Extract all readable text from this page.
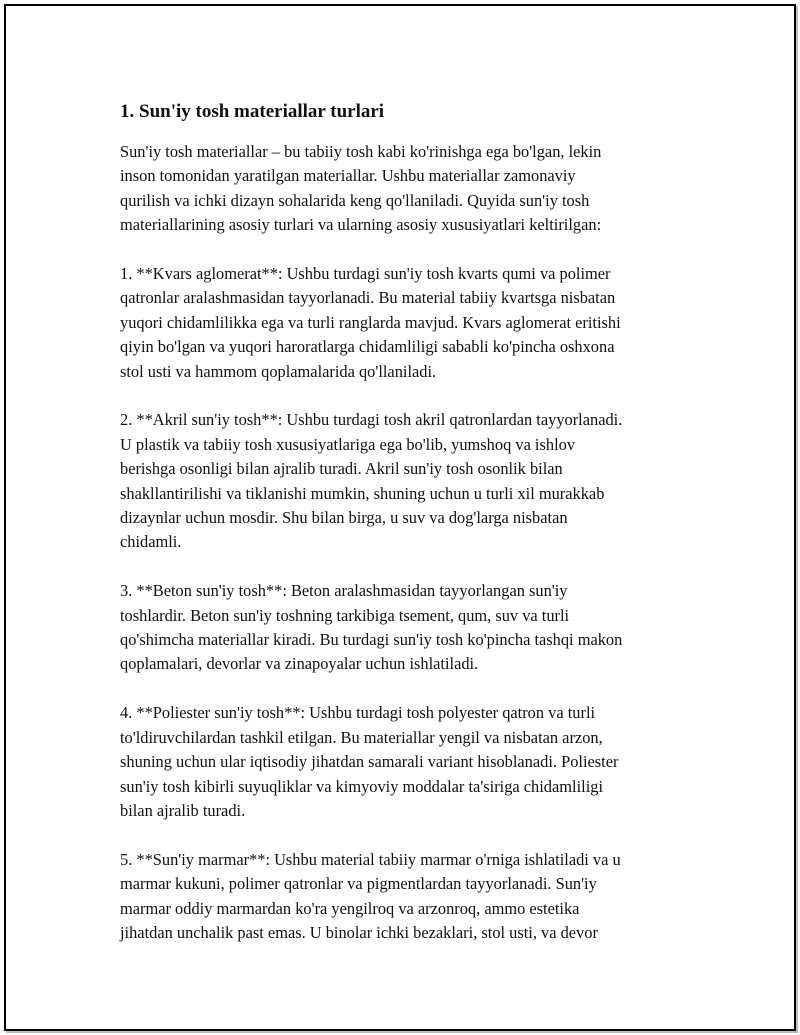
1. Sun'iy tosh materiallar turlari
Sun'iy tosh materiallar – bu tabiiy tosh kabi ko'rinishga ega bo'lgan, lekin
inson tomonidan yaratilgan materiallar. Ushbu materiallar zamonaviy
qurilish va ichki dizayn sohalarida keng qo'llaniladi. Quyida sun'iy tosh
materiallarining asosiy turlari va ularning asosiy xususiyatlari keltirilgan:
1. **Kvars aglomerat**: Ushbu turdagi sun'iy tosh kvarts qumi va polimer
qatronlar aralashmasidan tayyorlanadi. Bu material tabiiy kvartsga nisbatan
yuqori chidamlilikka ega va turli ranglarda mavjud. Kvars aglomerat eritishi
qiyin bo'lgan va yuqori haroratlarga chidamliligi sababli ko'pincha oshxona
stol usti va hammom qoplamalarida qo'llaniladi.
2. **Akril sun'iy tosh**: Ushbu turdagi tosh akril qatronlardan tayyorlanadi.
U plastik va tabiiy tosh xususiyatlariga ega bo'lib, yumshoq va ishlov
berishga osonligi bilan ajralib turadi. Akril sun'iy tosh osonlik bilan
shakllantirilishi va tiklanishi mumkin, shuning uchun u turli xil murakkab
dizaynlar uchun mosdir. Shu bilan birga, u suv va dog'larga nisbatan
chidamli.
3. **Beton sun'iy tosh**: Beton aralashmasidan tayyorlangan sun'iy
toshlardir. Beton sun'iy toshning tarkibiga tsement, qum, suv va turli
qo'shimcha materiallar kiradi. Bu turdagi sun'iy tosh ko'pincha tashqi makon
qoplamalari, devorlar va zinapoyalar uchun ishlatiladi.
4. **Poliester sun'iy tosh**: Ushbu turdagi tosh polyester qatron va turli
to'ldiruvchilardan tashkil etilgan. Bu materiallar yengil va nisbatan arzon,
shuning uchun ular iqtisodiy jihatdan samarali variant hisoblanadi. Poliester
sun'iy tosh kibirli suyuqliklar va kimyoviy moddalar ta'siriga chidamliligi
bilan ajralib turadi.
5. **Sun'iy marmar**: Ushbu material tabiiy marmar o'rniga ishlatiladi va u
marmar kukuni, polimer qatronlar va pigmentlardan tayyorlanadi. Sun'iy
marmar oddiy marmardan ko'ra yengilroq va arzonroq, ammo estetika
jihatdan unchalik past emas. U binolar ichki bezaklari, stol usti, va devor
